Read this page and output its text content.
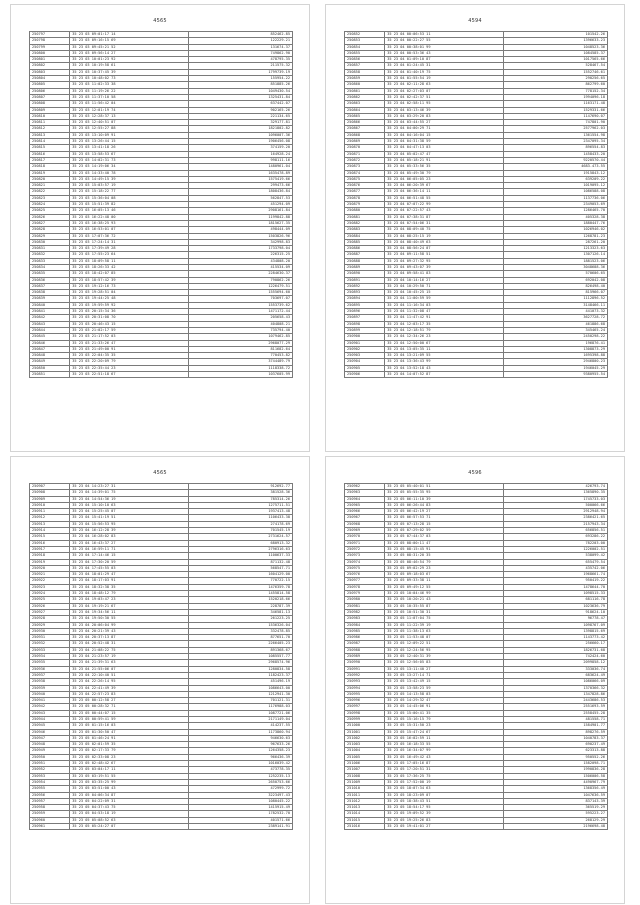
4565
250797	35 23 03 09:01:17 14	852462.85
250798	35 23 03 09:16:15 69	122229.21
250799	35 23 03 09:45:21 52	131674.37
250800	35 23 03 09:56:14 27	749862.90
250801	35 23 03 10:01:23 92	478795.35
250802	35 23 03 10:19:58 61	211575.32
250803	35 23 03 10:37:45 39	1799739.19
250804	35 23 03 10:48:02 73	155954.22
250805	35 23 03 11:02:33 38	851885.26
250806	35 23 03 11:19:26 22	1049430.54
250807	35 23 03 11:37:10 58	1325431.84
250808	35 23 03 11:56:42 04	637442.07
250809	35 23 03 12:01:19 74	902165.26
250810	35 23 03 12:28:37 13	221134.65
250811	35 23 03 12:40:51 07	329177.81
250812	35 23 03 12:55:27 88	1821802.82
250813	35 23 03 13:10:09 91	1096007.36
250814	35 23 03 13:26:44 15	1906456.08
250815	35 23 03 13:41:18 26	374159.20
250816	35 23 03 13:58:53 67	164928.24
250817	35 23 03 14:02:31 73	998111.16
250818	35 23 03 14:19:06 34	1480961.04
250819	35 23 03 14:33:40 78	1635478.89
250820	35 23 03 14:49:15 39	1575419.66
250821	35 23 03 15:03:57 19	299473.66
250822	35 23 03 15:18:22 77	1808436.84
250823	35 23 03 15:36:04 08	562847.53
250824	35 23 03 15:51:39 82	451294.09
250825	35 23 03 16:05:13 46	2908161.84
250826	35 23 03 16:22:48 00	1199842.88
250827	35 23 03 16:38:25 93	1815627.35
250828	35 23 03 16:53:01 07	498444.09
250829	35 23 03 17:07:36 72	1503826.96
250830	35 23 03 17:24:14 31	342998.83
250831	35 23 03 17:39:49 28	1733798.04
250832	35 23 03 17:55:23 64	226315.25
250833	35 23 03 18:09:58 11	434808.20
250834	35 23 03 18:26:33 42	415534.09
250835	35 23 03 18:42:07 85	2284630.37
250836	35 23 03 18:57:42 39	790862.26
250837	35 23 03 19:12:16 73	1226479.51
250838	35 23 03 19:28:51 04	1555694.60
250839	35 23 03 19:44:25 48	703697.07
250840	35 23 03 19:59:59 92	1553739.62
250841	35 23 03 20:15:34 36	1471172.44
250842	35 23 03 20:31:08 70	205658.43
250843	35 23 03 20:46:43 15	404808.21
250844	35 23 03 21:02:17 59	735794.40
250845	35 23 03 21:17:52 03	1079462.85
250846	35 23 03 21:33:26 47	2968077.29
250847	35 23 03 21:49:00 91	811682.64
250848	35 23 03 22:04:35 35	770453.82
250849	35 23 03 22:20:09 79	3744489.79
250850	35 23 03 22:35:44 23	1118338.72
250851	35 23 03 22:51:18 67	1037605.99
4594
250852	35 23 04 00:06:53 11	101542.26
250853	35 23 04 00:22:27 55	1396633.23
250854	35 23 04 00:38:01 99	1048523.36
250855	35 23 04 00:53:36 43	1084585.37
250856	35 23 04 01:09:10 87	1017565.66
250857	35 23 04 01:24:45 31	528467.54
250858	35 23 04 01:40:19 75	1552746.61
250859	35 23 04 01:55:54 19	290256.65
250860	35 23 04 02:11:28 63	862799.60
250861	35 23 04 02:27:03 07	778152.34
250862	35 23 04 02:42:37 51	1994096.18
250863	35 23 04 02:58:11 95	1163171.48
250864	35 23 04 03:13:46 39	1529331.66
250865	35 23 04 03:29:20 83	1147690.07
250866	35 23 04 03:44:55 27	747801.90
250867	35 23 04 04:00:29 71	2577962.03
250868	35 23 04 04:16:04 15	1361554.98
250869	35 23 04 04:31:38 59	2347095.34
250870	35 23 04 04:47:13 03	896554.83
250871	35 23 04 05:02:47 47	1458433.20
250872	35 23 04 05:18:21 91	9220570.44
250873	35 23 04 05:33:56 35	4683.473.55
250874	35 23 04 05:49:30 79	1915843.12
250875	35 23 04 06:05:05 23	639209.22
250876	35 23 04 06:20:39 67	1019095.12
250877	35 23 04 06:36:14 11	1086588.08
250878	35 23 04 06:51:48 55	1137736.06
250879	35 23 04 07:07:22 99	2349053.69
250880	35 23 04 07:22:57 43	1286465.70
250881	35 23 04 07:38:31 87	405328.38
250882	35 23 04 07:54:06 31	1880447.76
250883	35 23 04 08:09:40 75	1026946.02
250884	35 23 04 08:25:15 19	1268781.23
250885	35 23 04 08:40:49 63	287261.20
250886	35 23 04 08:56:24 07	1213323.63
250887	35 23 04 09:11:58 51	1307126.14
250888	35 23 04 09:27:32 95	1881523.06
250889	35 23 04 09:43:07 39	3048688.36
250890	35 23 04 09:58:41 83	570606.65
250891	35 23 04 10:14:16 27	692042.08
250892	35 23 04 10:29:50 71	826498.40
250893	35 23 04 10:45:25 15	815966.07
250894	35 23 04 11:00:59 59	1112896.52
250895	35 23 04 11:16:34 03	3148466.11
250896	35 23 04 11:32:08 47	441073.32
250897	35 23 04 11:47:42 91	3627728.72
250898	35 23 04 12:03:17 35	461886.68
250899	35 23 04 12:18:51 79	345465.24
250900	35 23 04 12:34:26 23	2450298.22
250901	35 23 04 12:50:00 67	196876.41
250902	35 23 04 13:05:35 11	1308873.29
250903	35 23 04 13:21:09 55	1695398.88
250904	35 23 04 13:36:43 99	2946800.23
250905	35 23 04 13:52:18 43	1946045.29
250906	35 23 04 14:07:52 87	9380955.54
4565
250907	35 23 04 14:23:27 31	912692.77
250908	35 23 04 14:39:01 75	381528.36
250909	35 23 04 14:54:36 19	785314.26
250910	35 23 04 15:10:10 63	1275711.51
250911	35 23 04 15:25:45 07	1937413.48
250912	35 23 04 15:41:19 51	1106433.38
250913	35 23 04 15:56:53 95	274178.69
250914	35 23 04 16:12:28 39	701545.19
250915	35 23 04 16:28:02 83	2731624.57
250916	35 23 04 16:43:37 27	680913.32
250917	35 23 04 16:59:11 71	2796316.63
250918	35 23 04 17:14:46 15	1100637.33
250919	35 23 04 17:30:20 59	871132.48
250920	35 23 04 17:45:55 03	568547.71
250921	35 23 04 18:01:29 47	1604129.00
250922	35 23 04 18:17:03 91	770722.15
250923	35 23 04 18:32:38 35	1476359.78
250924	35 23 04 18:48:12 79	1455814.58
250925	35 23 04 19:03:47 23	1520218.66
250926	35 23 04 19:19:21 67	228787.39
250927	35 23 04 19:34:56 11	346581.13
250928	35 23 04 19:50:30 55	261223.25
250929	35 23 04 20:06:04 99	1536326.04
250930	35 23 04 20:21:39 43	332478.85
250931	35 23 04 20:37:13 87	877651.70
250932	35 23 04 20:52:48 31	2266405.23
250933	35 23 04 21:08:22 75	891368.67
250934	35 23 04 21:23:57 19	1085557.77
250935	35 23 04 21:39:31 63	2968574.96
250936	35 23 04 21:55:06 07	1280834.58
250937	35 23 04 22:10:40 51	1182423.37
250938	35 23 04 22:26:14 95	451496.19
250939	35 23 04 22:41:49 39	1086643.00
250940	35 23 04 22:57:23 83	1212941.30
250941	35 23 05 00:12:58 27	701121.31
250942	35 23 05 00:28:32 71	1176988.03
250943	35 23 05 00:44:07 15	1087721.06
250944	35 23 05 00:59:41 59	2171149.04
250945	35 23 05 01:15:16 03	414237.55
250946	35 23 05 01:30:50 47	1173860.94
250947	35 23 05 01:46:24 91	946630.63
250948	35 23 05 02:01:59 35	967633.26
250949	35 23 05 02:17:33 79	1264358.23
250950	35 23 05 02:33:08 23	966436.39
250951	35 23 05 02:48:42 67	1016039.42
250952	35 23 05 03:04:17 11	473778.35
250953	35 23 05 03:19:51 55	1252235.13
250954	35 23 05 03:35:25 99	2650753.66
250955	35 23 05 03:51:00 43	472999.72
250956	35 23 05 04:06:34 87	3223497.43
250957	35 23 05 04:22:09 31	1080445.22
250958	35 23 05 04:37:43 75	1415915.49
250959	35 23 05 04:53:18 19	1782532.70
250960	35 23 05 05:08:52 63	401571.66
250961	35 23 05 05:24:27 07	2389141.91
4596
250962	35 23 05 05:40:01 51	426793.74
250963	35 23 05 05:55:35 95	1365890.35
250964	35 23 05 06:11:10 39	1745733.03
250965	35 23 05 06:26:44 83	500066.66
250966	35 23 05 06:42:19 27	2912948.94
250967	35 23 05 06:57:53 71	2386421.65
250968	35 23 05 07:13:28 15	2157943.34
250969	35 23 05 07:29:02 59	656856.51
250970	35 23 05 07:44:37 03	693286.22
250971	35 23 05 08:00:11 47	782203.00
250972	35 23 05 08:15:45 91	1226002.51
250973	35 23 05 08:31:20 35	538099.42
250974	35 23 05 08:46:54 79	655479.54
250975	35 23 05 09:02:29 23	435742.06
250976	35 23 05 09:18:03 67	1968661.74
250977	35 23 05 09:33:38 11	950419.22
250978	35 23 05 09:49:12 55	1478644.70
250979	35 23 05 10:04:46 99	1098515.33
250980	35 23 05 10:20:21 43	681116.78
250981	35 23 05 10:35:55 87	1023636.79
250982	35 23 05 10:51:30 31	918624.10
250983	35 23 05 11:07:04 75	96778.47
250984	35 23 05 11:22:39 19	1098767.09
250985	35 23 05 11:38:13 63	1398815.69
250986	35 23 05 11:53:48 07	1143773.42
250987	35 23 05 12:09:22 51	256660.17
250988	35 23 05 12:24:56 95	1826731.68
250989	35 23 05 12:40:31 39	742424.60
250990	35 23 05 12:56:05 83	2099858.12
250991	35 23 05 13:11:40 27	333036.74
250992	35 23 05 13:27:14 71	683624.49
250993	35 23 05 13:42:49 15	1086066.09
250994	35 23 05 13:58:23 59	1370366.32
250995	35 23 05 14:13:58 03	1347828.86
250996	35 23 05 14:29:32 47	2443686.53
250997	35 23 05 14:45:06 91	2551693.59
250998	35 23 05 15:00:41 35	2558455.28
250999	35 23 05 15:16:15 79	481558.71
251000	35 23 05 15:31:50 23	1584901.77
251001	35 23 05 15:47:24 67	898276.59
251002	35 23 05 16:02:59 11	1040783.37
251003	35 23 05 16:18:33 55	690237.49
251004	35 23 05 16:34:07 99	623313.88
251005	35 23 05 16:49:42 43	950552.26
251006	35 23 05 17:05:16 87	1582098.71
251007	35 23 05 17:20:51 31	1990836.28
251008	35 23 05 17:36:25 75	1506006.58
251009	35 23 05 17:52:00 19	4490967.79
251010	35 23 05 18:07:34 63	1368356.49
251011	35 23 05 18:23:09 07	1047636.59
251012	35 23 05 18:38:43 51	837143.39
251013	35 23 05 18:54:17 95	365519.29
251014	35 23 05 19:09:52 39	595223.27
251015	35 23 05 19:25:26 83	268129.29
251016	35 23 05 19:41:01 27	2196698.48
